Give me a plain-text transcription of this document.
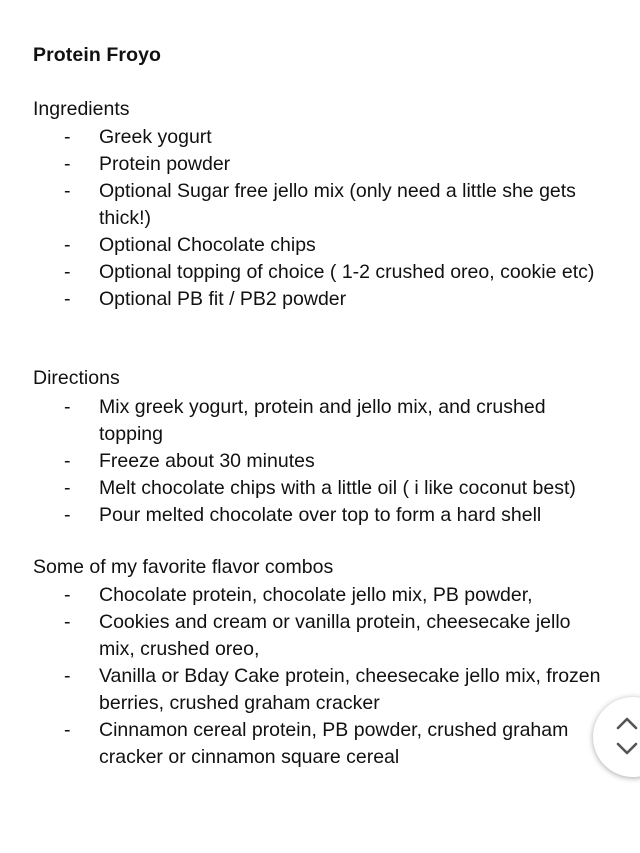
Protein Froyo
Ingredients
- Greek yogurt
- Protein powder
- Optional Sugar free jello mix (only need a little she gets thick!)
- Optional Chocolate chips
- Optional topping of choice ( 1-2 crushed oreo, cookie etc)
- Optional PB fit / PB2 powder
Directions
- Mix greek yogurt, protein and jello mix, and crushed topping
- Freeze about 30 minutes
- Melt chocolate chips with a little oil ( i like coconut best)
- Pour melted chocolate over top to form a hard shell
Some of my favorite flavor combos
- Chocolate protein, chocolate jello mix, PB powder,
- Cookies and cream or vanilla protein, cheesecake jello mix, crushed oreo,
- Vanilla or Bday Cake protein, cheesecake jello mix, frozen berries, crushed graham cracker
- Cinnamon cereal protein, PB powder, crushed graham cracker or cinnamon square cereal
